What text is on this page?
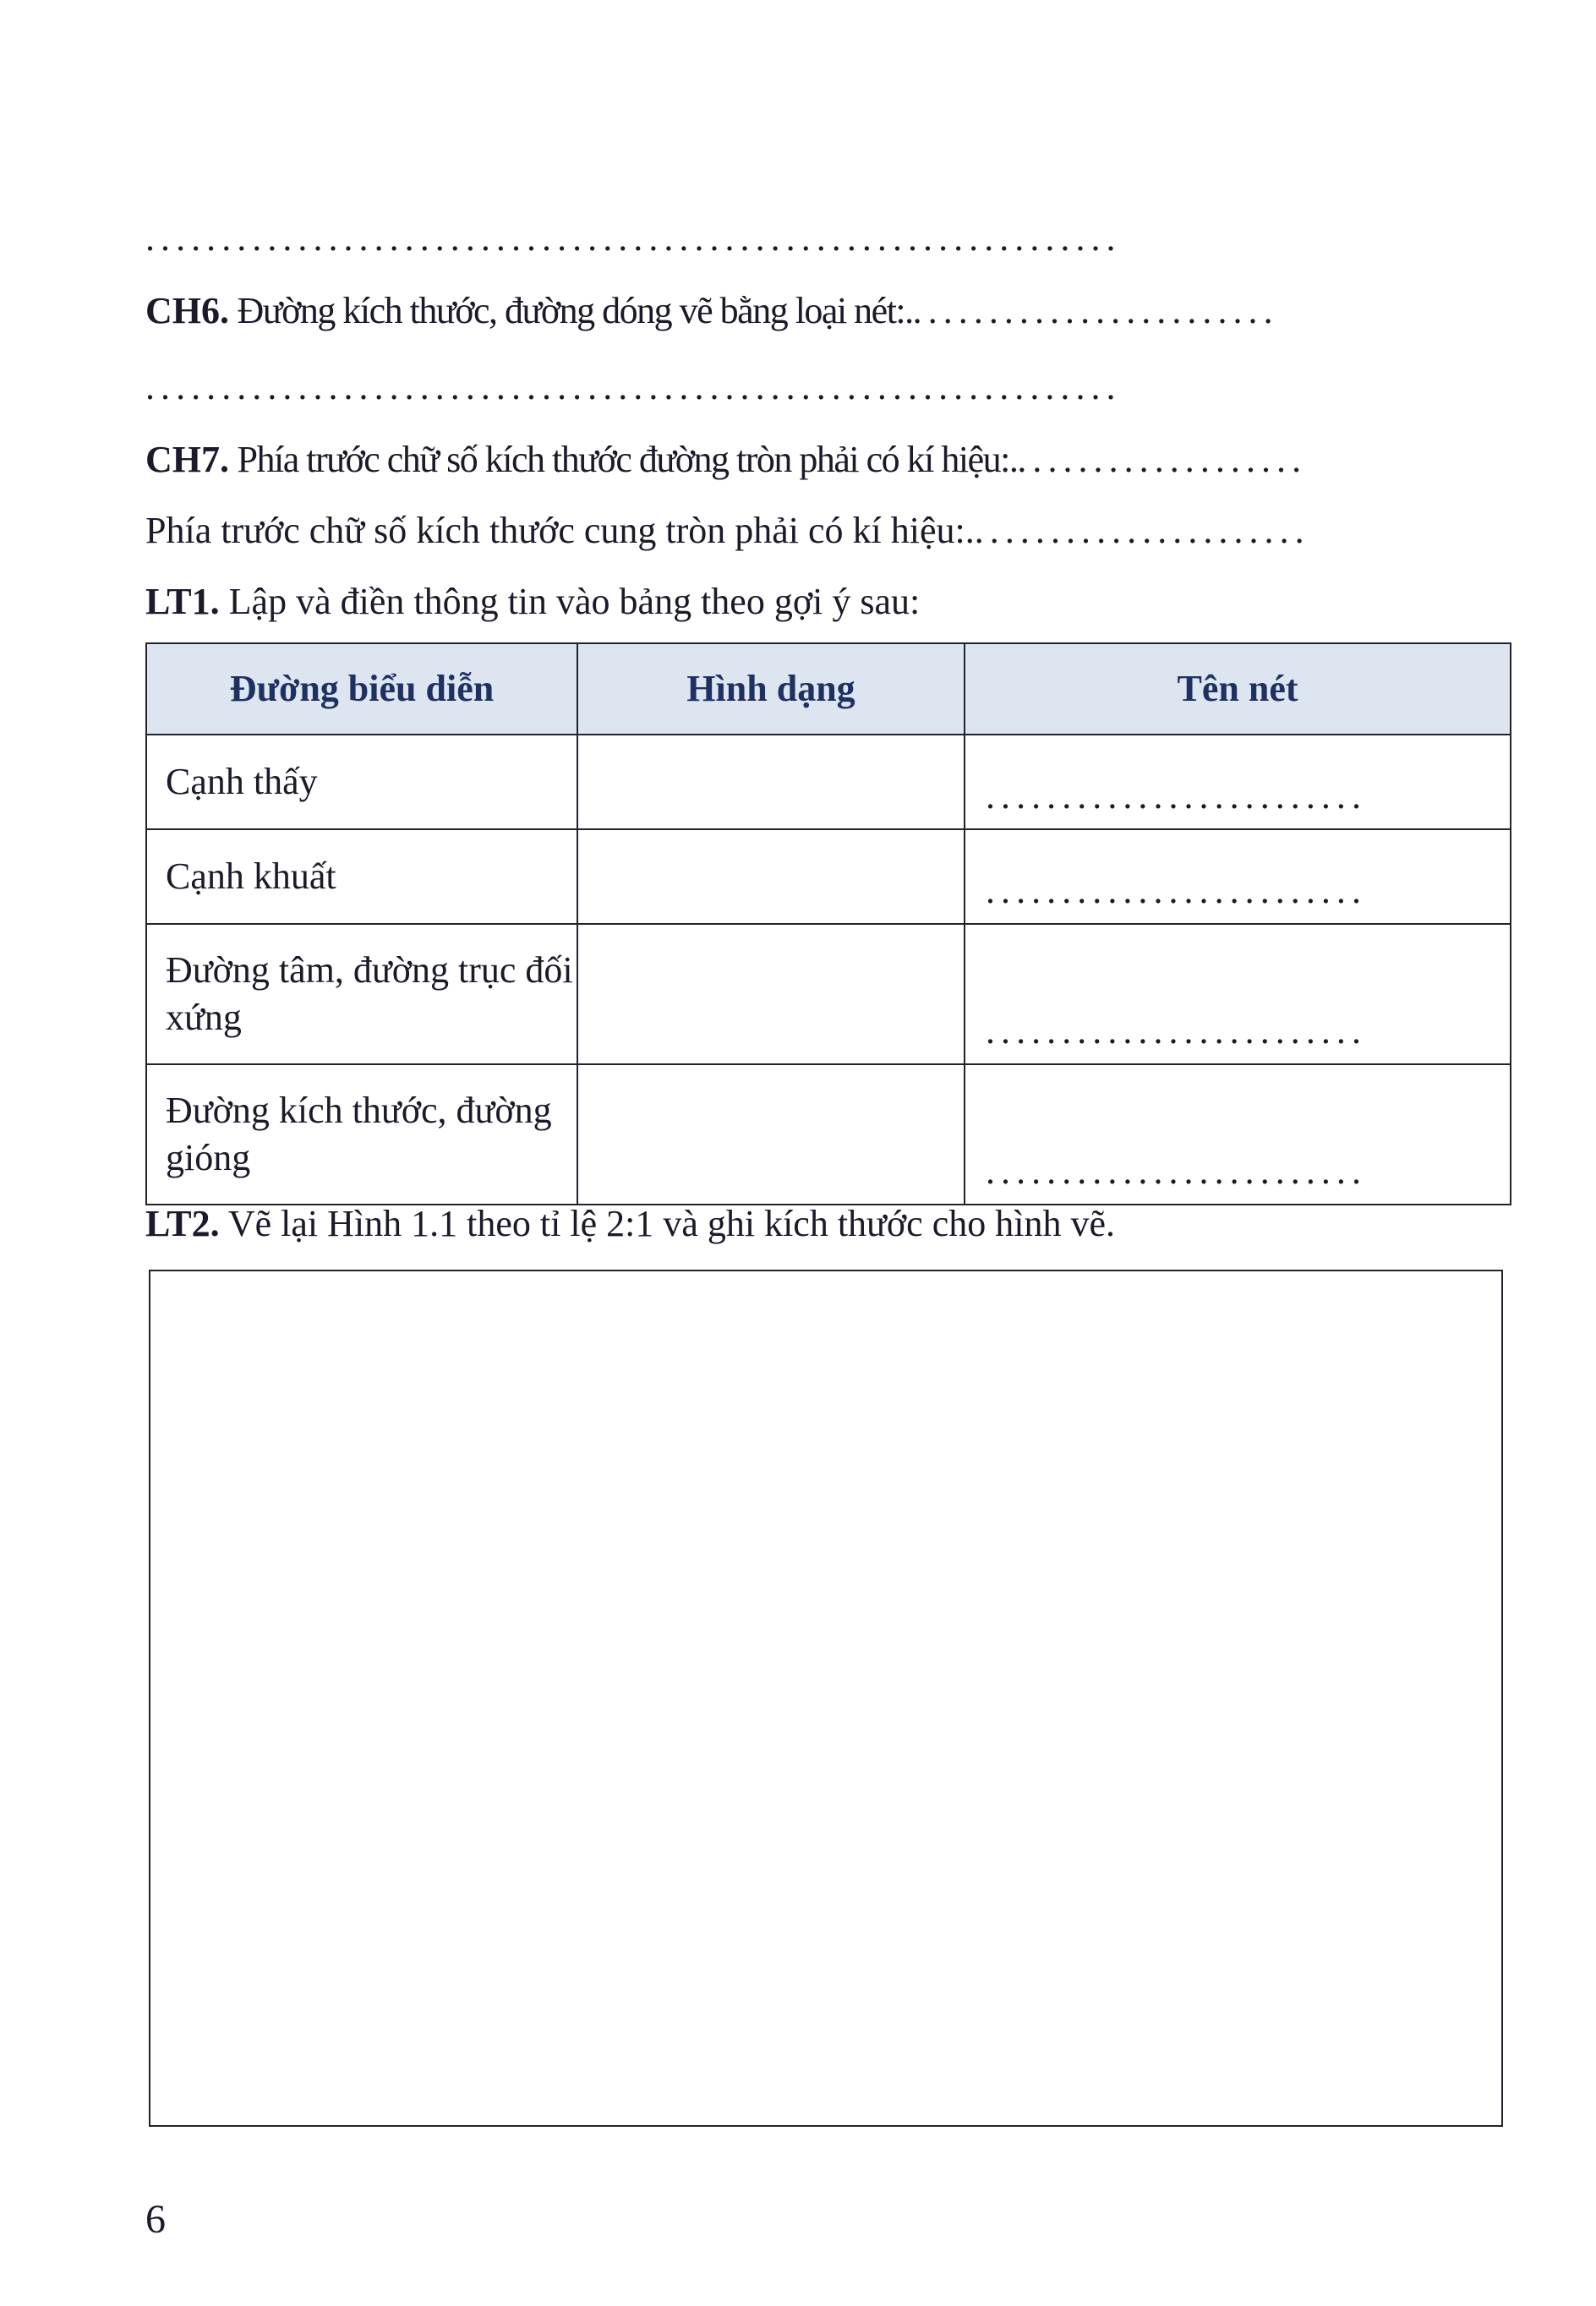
................................................................
CH6. Đường kích thước, đường dóng vẽ bằng loại nét:.........................
................................................................
CH7. Phía trước chữ số kích thước đường tròn phải có kí hiệu:....................
Phía trước chữ số kích thước cung tròn phải có kí hiệu:.......................
LT1. Lập và điền thông tin vào bảng theo gợi ý sau:
Đường biểu diễn	Hình dạng	Tên nét
Cạnh thấy		.........................
Cạnh khuất		.........................
Đường tâm, đường trục đối xứng		.........................
Đường kích thước, đường gióng		.........................
LT2. Vẽ lại Hình 1.1 theo tỉ lệ 2:1 và ghi kích thước cho hình vẽ.
6
